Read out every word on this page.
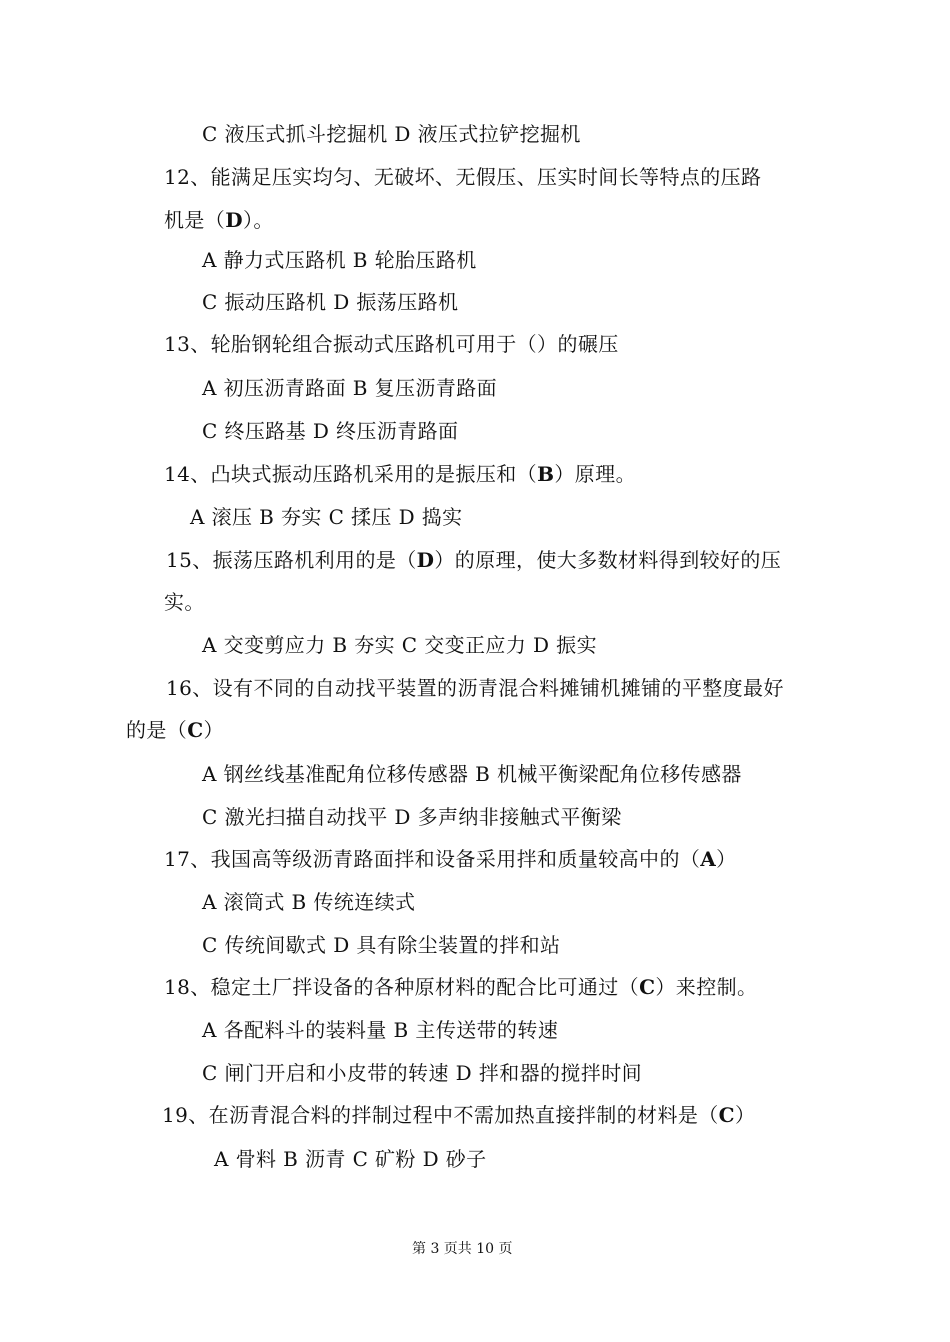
C 液压式抓斗挖掘机 D 液压式拉铲挖掘机
12、能满足压实均匀、无破坏、无假压、压实时间长等特点的压路
机是（D）。
A 静力式压路机 B 轮胎压路机
C 振动压路机 D 振荡压路机
13、轮胎钢轮组合振动式压路机可用于（）的碾压
A 初压沥青路面 B 复压沥青路面
C 终压路基 D 终压沥青路面
14、凸块式振动压路机采用的是振压和（B）原理。
A 滚压 B 夯实 C 揉压 D 捣实
15、振荡压路机利用的是（D）的原理，使大多数材料得到较好的压
实。
A 交变剪应力 B 夯实 C 交变正应力 D 振实
16、设有不同的自动找平装置的沥青混合料摊铺机摊铺的平整度最好
的是（C）
A 钢丝线基准配角位移传感器 B 机械平衡梁配角位移传感器
C 激光扫描自动找平 D 多声纳非接触式平衡梁
17、我国高等级沥青路面拌和设备采用拌和质量较高中的（A）
A 滚筒式 B 传统连续式
C 传统间歇式 D 具有除尘装置的拌和站
18、稳定土厂拌设备的各种原材料的配合比可通过（C）来控制。
A 各配料斗的装料量 B 主传送带的转速
C 闸门开启和小皮带的转速 D 拌和器的搅拌时间
19、在沥青混合料的拌制过程中不需加热直接拌制的材料是（C）
A 骨料 B 沥青 C 矿粉 D 砂子
第 3 页共 10 页
